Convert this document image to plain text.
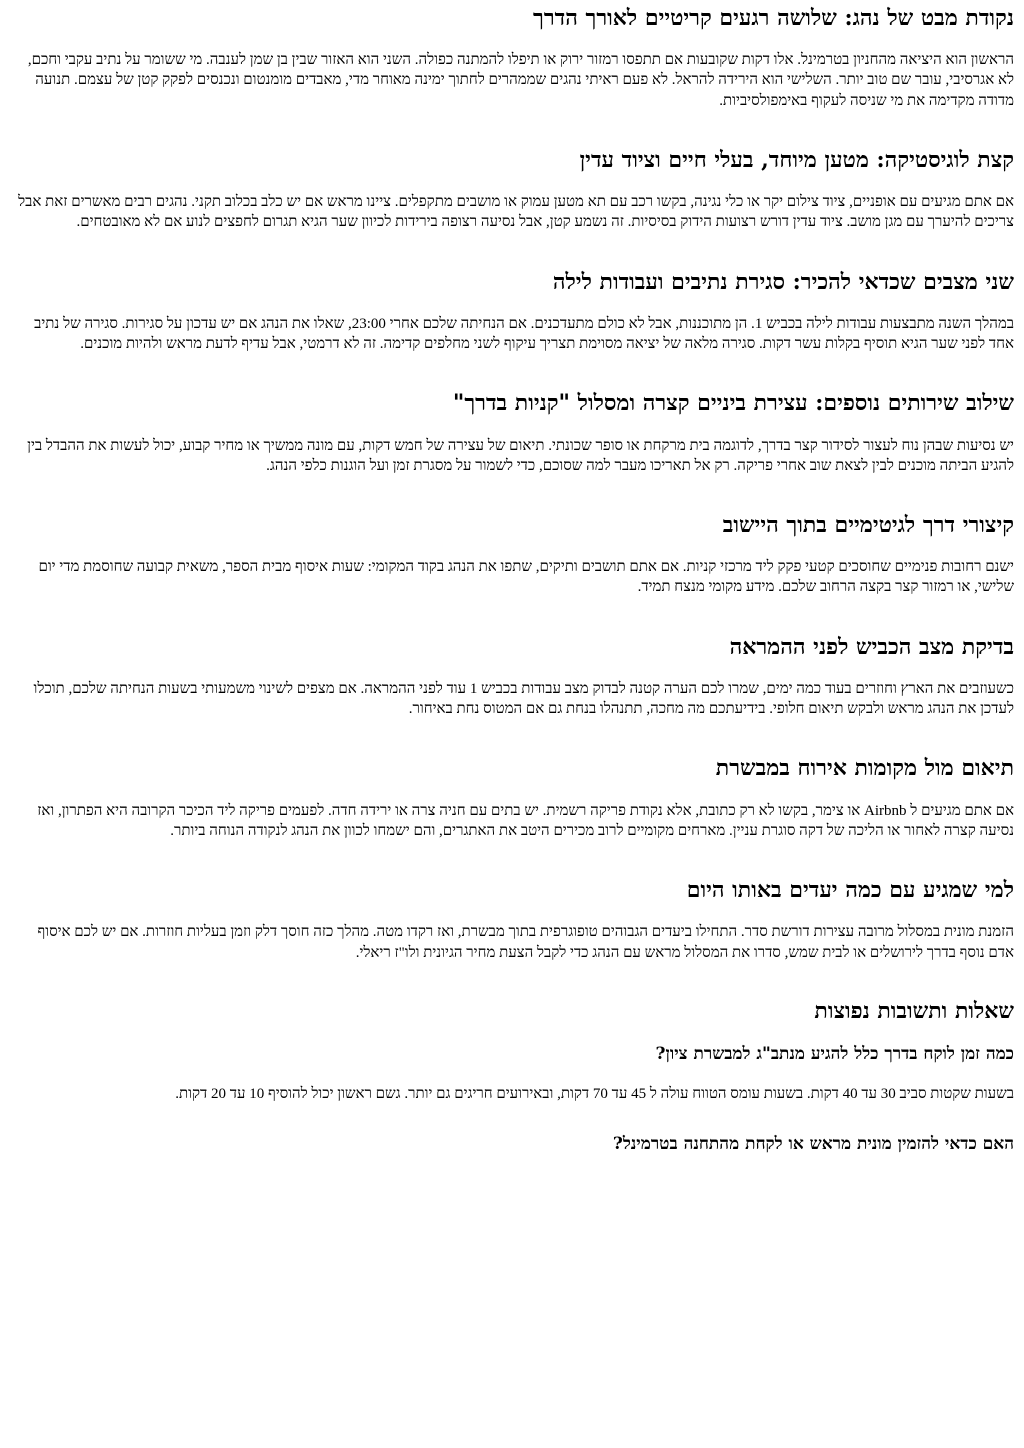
נקודת מבט של נהג: שלושה רגעים קריטיים לאורך הדרך

הראשון הוא היציאה מהחניון בטרמינל. אלו דקות שקובעות אם תתפסו רמזור ירוק או תיפלו להמתנה כפולה. השני הוא האזור שבין בן שמן לענבה. מי ששומר על נתיב עקבי וחכם, לא אגרסיבי, עובר שם טוב יותר. השלישי הוא הירידה להראל. לא פעם ראיתי נהגים שממהרים לחתוך ימינה מאוחר מדי, מאבדים מומנטום ונכנסים לפקק קטן של עצמם. תנועה מדודה מקדימה את מי שניסה לעקוף באימפולסיביות.

קצת לוגיסטיקה: מטען מיוחד, בעלי חיים וציוד עדין

אם אתם מגיעים עם אופניים, ציוד צילום יקר או כלי נגינה, בקשו רכב עם תא מטען עמוק או מושבים מתקפלים. ציינו מראש אם יש כלב בכלוב תקני. נהגים רבים מאשרים זאת אבל צריכים להיערך עם מגן מושב. ציוד עדין דורש רצועות הידוק בסיסיות. זה נשמע קטן, אבל נסיעה רצופה בירידות לכיוון שער הגיא תגרום לחפצים לנוע אם לא מאובטחים.

שני מצבים שכדאי להכיר: סגירת נתיבים ועבודות לילה

במהלך השנה מתבצעות עבודות לילה בכביש 1. הן מתוכננות, אבל לא כולם מתעדכנים. אם הנחיתה שלכם אחרי 23:00, שאלו את הנהג אם יש עדכון על סגירות. סגירה של נתיב אחד לפני שער הגיא תוסיף בקלות עשר דקות. סגירה מלאה של יציאה מסוימת תצריך עיקוף לשני מחלפים קדימה. זה לא דרמטי, אבל עדיף לדעת מראש ולהיות מוכנים.

שילוב שירותים נוספים: עצירת ביניים קצרה ומסלול "קניות בדרך"

יש נסיעות שבהן נוח לעצור לסידור קצר בדרך, לדוגמה בית מרקחת או סופר שכונתי. תיאום של עצירה של חמש דקות, עם מונה ממשיך או מחיר קבוע, יכול לעשות את ההבדל בין להגיע הביתה מוכנים לבין לצאת שוב אחרי פריקה. רק אל תאריכו מעבר למה שסוכם, כדי לשמור על מסגרת זמן ועל הוגנות כלפי הנהג.

קיצורי דרך לגיטימיים בתוך היישוב

ישנם רחובות פנימיים שחוסכים קטעי פקק ליד מרכזי קניות. אם אתם תושבים ותיקים, שתפו את הנהג בקוד המקומי: שעות איסוף מבית הספר, משאית קבועה שחוסמת מדי יום שלישי, או רמזור קצר בקצה הרחוב שלכם. מידע מקומי מנצח תמיד.

בדיקת מצב הכביש לפני ההמראה

כשעוזבים את הארץ וחוזרים בעוד כמה ימים, שמרו לכם הערה קטנה לבדוק מצב עבודות בכביש 1 עוד לפני ההמראה. אם מצפים לשינוי משמעותי בשעות הנחיתה שלכם, תוכלו לעדכן את הנהג מראש ולבקש תיאום חלופי. בידיעתכם מה מחכה, תתנהלו בנחת גם אם המטוס נחת באיחור.

תיאום מול מקומות אירוח במבשרת

אם אתם מגיעים ל Airbnb או צימר, בקשו לא רק כתובת, אלא נקודת פריקה רשמית. יש בתים עם חניה צרה או ירידה חדה. לפעמים פריקה ליד הכיכר הקרובה היא הפתרון, ואז נסיעה קצרה לאחור או הליכה של דקה סוגרת עניין. מארחים מקומיים לרוב מכירים היטב את האתגרים, והם ישמחו לכוון את הנהג לנקודה הנוחה ביותר.

למי שמגיע עם כמה יעדים באותו היום

הזמנת מונית במסלול מרובה עצירות דורשת סדר. התחילו ביעדים הגבוהים טופוגרפית בתוך מבשרת, ואז רקדו מטה. מהלך כזה חוסך דלק וזמן בעליות חוזרות. אם יש לכם איסוף אדם נוסף בדרך לירושלים או לבית שמש, סדרו את המסלול מראש עם הנהג כדי לקבל הצעת מחיר הגיונית ולו"ז ריאלי.

שאלות ותשובות נפוצות
כמה זמן לוקח בדרך כלל להגיע מנתב"ג למבשרת ציון?

בשעות שקטות סביב 30 עד 40 דקות. בשעות עומס הטווח עולה ל 45 עד 70 דקות, ובאירועים חריגים גם יותר. גשם ראשון יכול להוסיף 10 עד 20 דקות.

האם כדאי להזמין מונית מראש או לקחת מהתחנה בטרמינל?
